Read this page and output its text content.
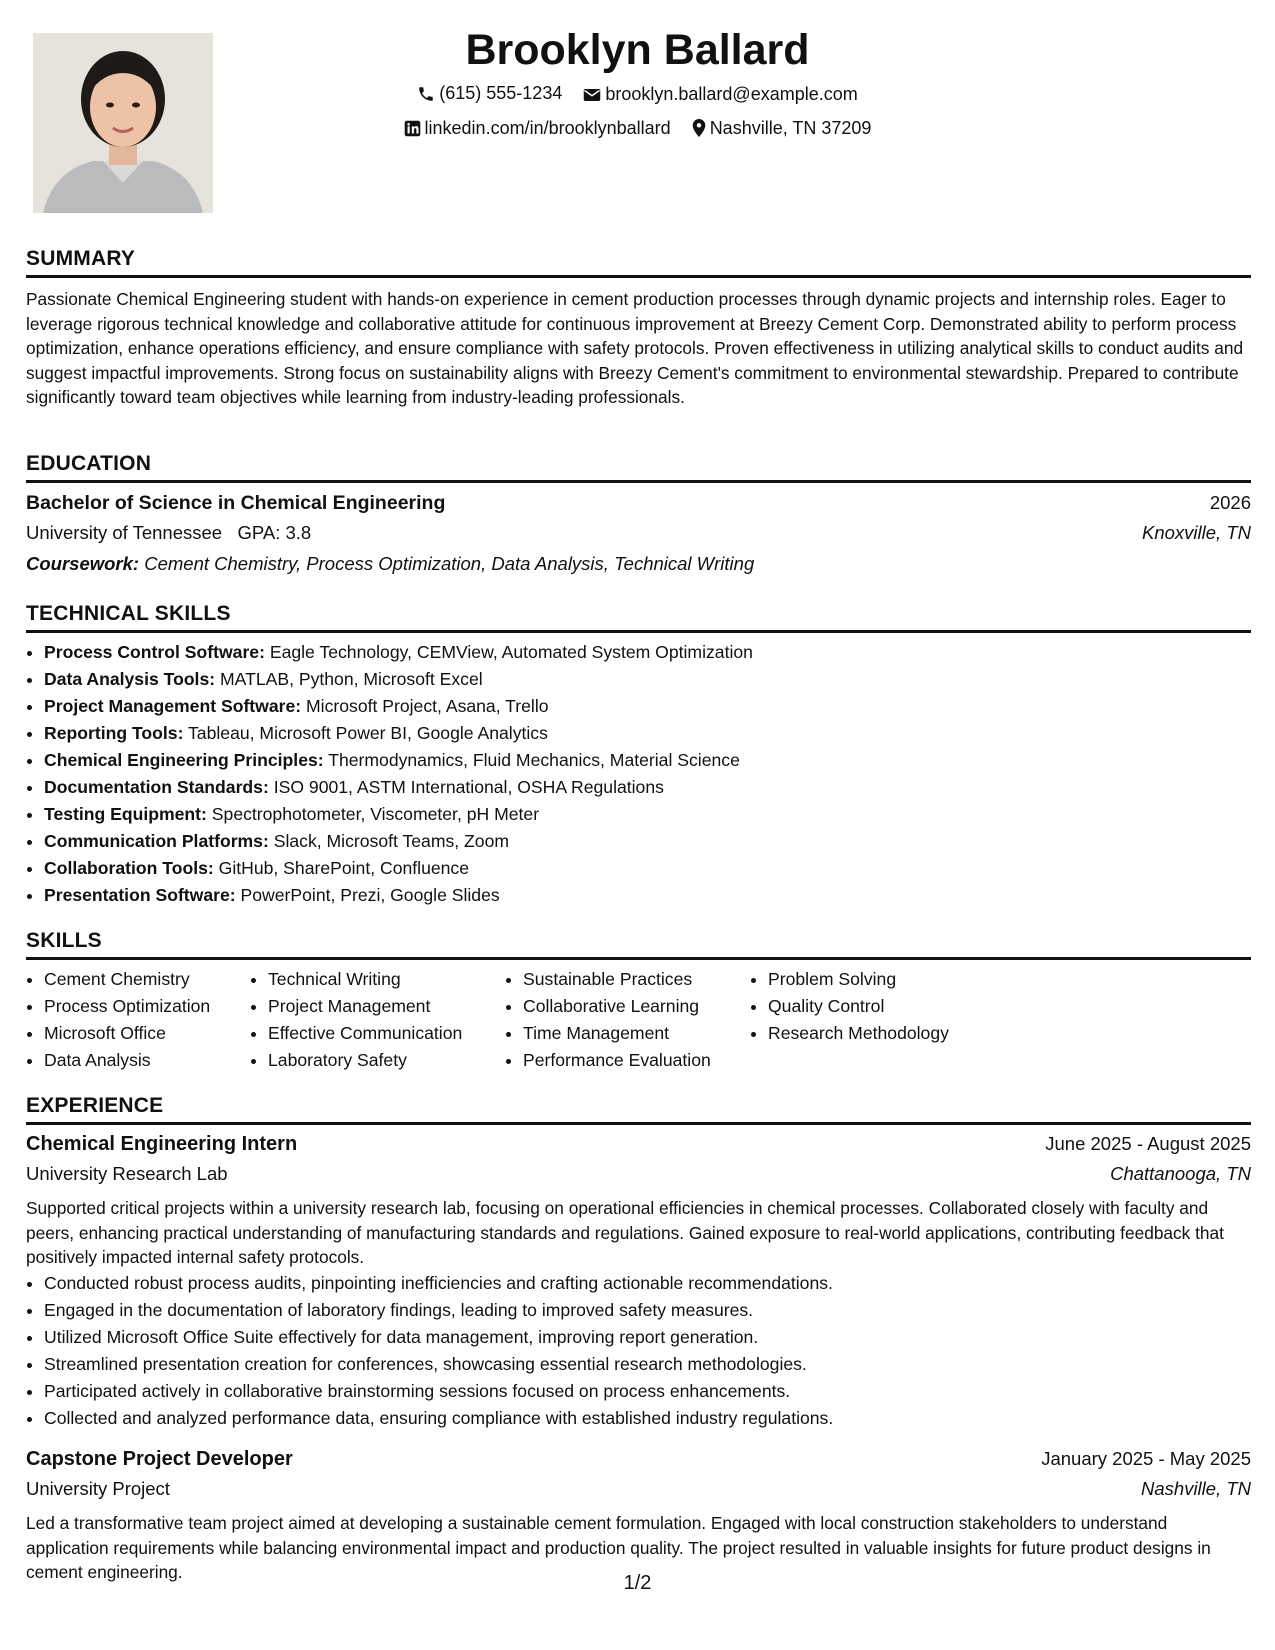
Brooklyn Ballard
(615) 555-1234
brooklyn.ballard@example.com
linkedin.com/in/brooklynballard
Nashville, TN 37209
SUMMARY
Passionate Chemical Engineering student with hands-on experience in cement production processes through dynamic projects and internship roles. Eager to leverage rigorous technical knowledge and collaborative attitude for continuous improvement at Breezy Cement Corp. Demonstrated ability to perform process optimization, enhance operations efficiency, and ensure compliance with safety protocols. Proven effectiveness in utilizing analytical skills to conduct audits and suggest impactful improvements. Strong focus on sustainability aligns with Breezy Cement's commitment to environmental stewardship. Prepared to contribute significantly toward team objectives while learning from industry-leading professionals.
EDUCATION
Bachelor of Science in Chemical Engineering	2026
University of Tennessee GPA: 3.8	Knoxville, TN
Coursework: Cement Chemistry, Process Optimization, Data Analysis, Technical Writing
TECHNICAL SKILLS
• Process Control Software: Eagle Technology, CEMView, Automated System Optimization
• Data Analysis Tools: MATLAB, Python, Microsoft Excel
• Project Management Software: Microsoft Project, Asana, Trello
• Reporting Tools: Tableau, Microsoft Power BI, Google Analytics
• Chemical Engineering Principles: Thermodynamics, Fluid Mechanics, Material Science
• Documentation Standards: ISO 9001, ASTM International, OSHA Regulations
• Testing Equipment: Spectrophotometer, Viscometer, pH Meter
• Communication Platforms: Slack, Microsoft Teams, Zoom
• Collaboration Tools: GitHub, SharePoint, Confluence
• Presentation Software: PowerPoint, Prezi, Google Slides
SKILLS
• Cement Chemistry
• Process Optimization
• Microsoft Office
• Data Analysis
• Technical Writing
• Project Management
• Effective Communication
• Laboratory Safety
• Sustainable Practices
• Collaborative Learning
• Time Management
• Performance Evaluation
• Problem Solving
• Quality Control
• Research Methodology
EXPERIENCE
Chemical Engineering Intern	June 2025 - August 2025
University Research Lab	Chattanooga, TN
Supported critical projects within a university research lab, focusing on operational efficiencies in chemical processes. Collaborated closely with faculty and peers, enhancing practical understanding of manufacturing standards and regulations. Gained exposure to real-world applications, contributing feedback that positively impacted internal safety protocols.
• Conducted robust process audits, pinpointing inefficiencies and crafting actionable recommendations.
• Engaged in the documentation of laboratory findings, leading to improved safety measures.
• Utilized Microsoft Office Suite effectively for data management, improving report generation.
• Streamlined presentation creation for conferences, showcasing essential research methodologies.
• Participated actively in collaborative brainstorming sessions focused on process enhancements.
• Collected and analyzed performance data, ensuring compliance with established industry regulations.
Capstone Project Developer	January 2025 - May 2025
University Project	Nashville, TN
Led a transformative team project aimed at developing a sustainable cement formulation. Engaged with local construction stakeholders to understand application requirements while balancing environmental impact and production quality. The project resulted in valuable insights for future product designs in cement engineering.	1/2
